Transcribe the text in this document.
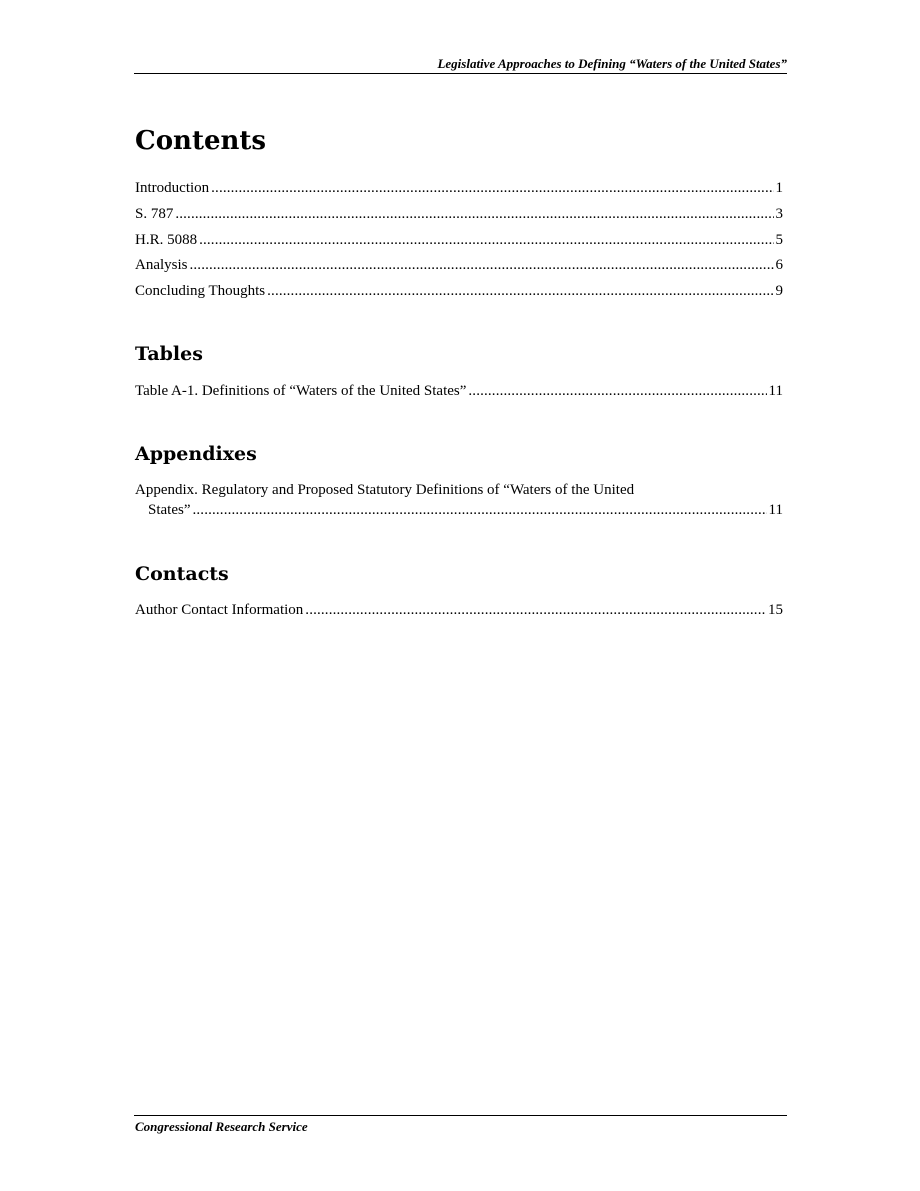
Legislative Approaches to Defining “Waters of the United States”
Contents
Introduction . . .	1
S. 787 . . .	3
H.R. 5088 . . .	5
Analysis . . .	6
Concluding Thoughts . . .	9
Tables
Table A-1. Definitions of “Waters of the United States” . . .	11
Appendixes
Appendix. Regulatory and Proposed Statutory Definitions of “Waters of the United
States” . . .	11
Contacts
Author Contact Information . . .	15
Congressional Research Service
